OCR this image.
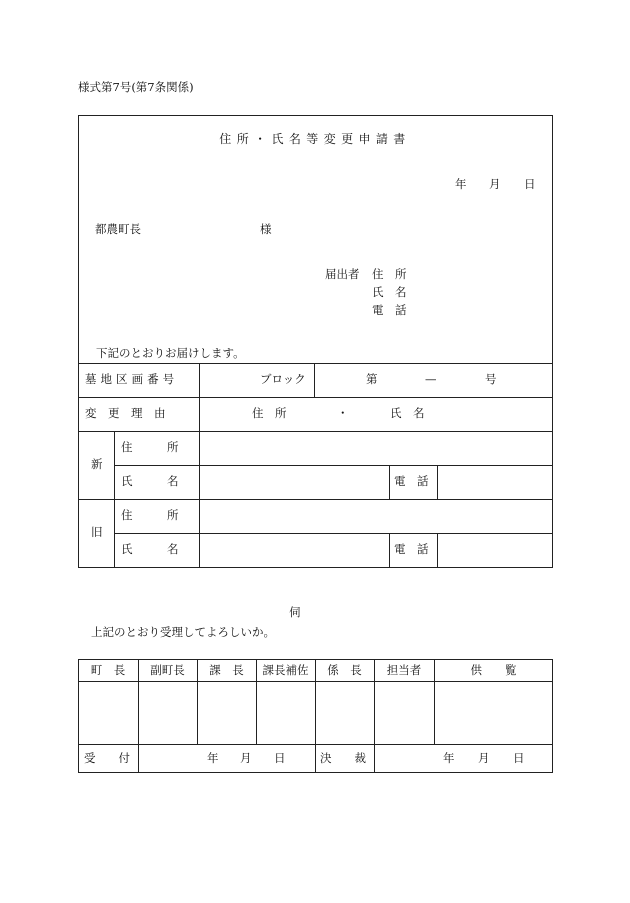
様式第7号(第7条関係)
住所・氏名等変更申請書
年 月 日
都農町長	様
届出者 住　所
氏　名
電　話
下記のとおりお届けします。
墓地区画番号	ブロック	第	—	号
変　更　理　由	住　所	・	氏　名
新
住　　　所
氏　　　名	電　話
旧
住　　　所
氏　　　名	電　話
伺
上記のとおり受理してよろしいか。
町　長	副町長	課　長	課長補佐	係　長	担当者	供　　覧
受　　付	年 月 日	決　　裁	年 月 日
